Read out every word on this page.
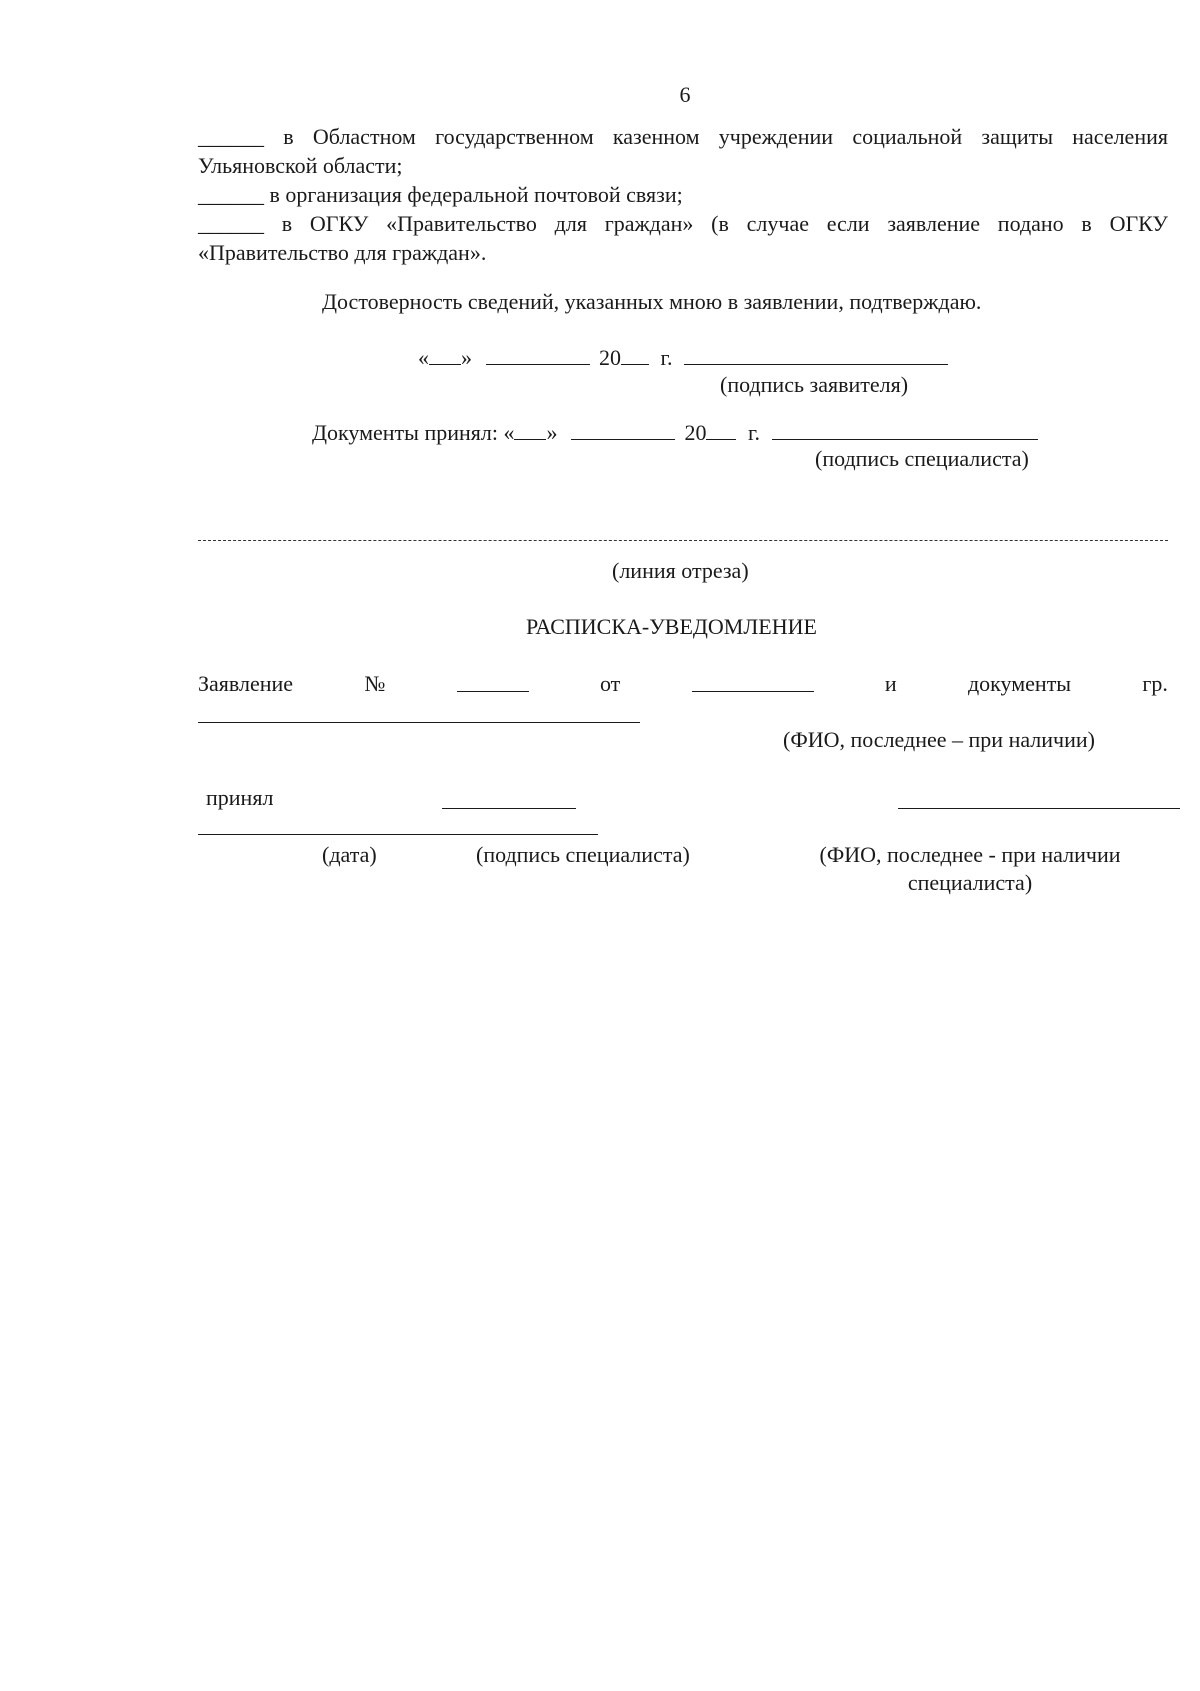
6
______ в Областном государственном казенном учреждении социальной защиты населения Ульяновской области;
______ в организация федеральной почтовой связи;
______ в ОГКУ «Правительство для граждан» (в случае если заявление подано в ОГКУ «Правительство для граждан».
Достоверность сведений, указанных мною в заявлении, подтверждаю.
« »	20 г.
(подпись заявителя)
Документы принял: « »	20 г.
(подпись специалиста)
(линия отреза)
РАСПИСКА-УВЕДОМЛЕНИЕ
Заявление	№	от	и	документы	гр.
(ФИО, последнее – при наличии)
принял
(дата)	(подпись специалиста)	(ФИО, последнее - при наличии
специалиста)
